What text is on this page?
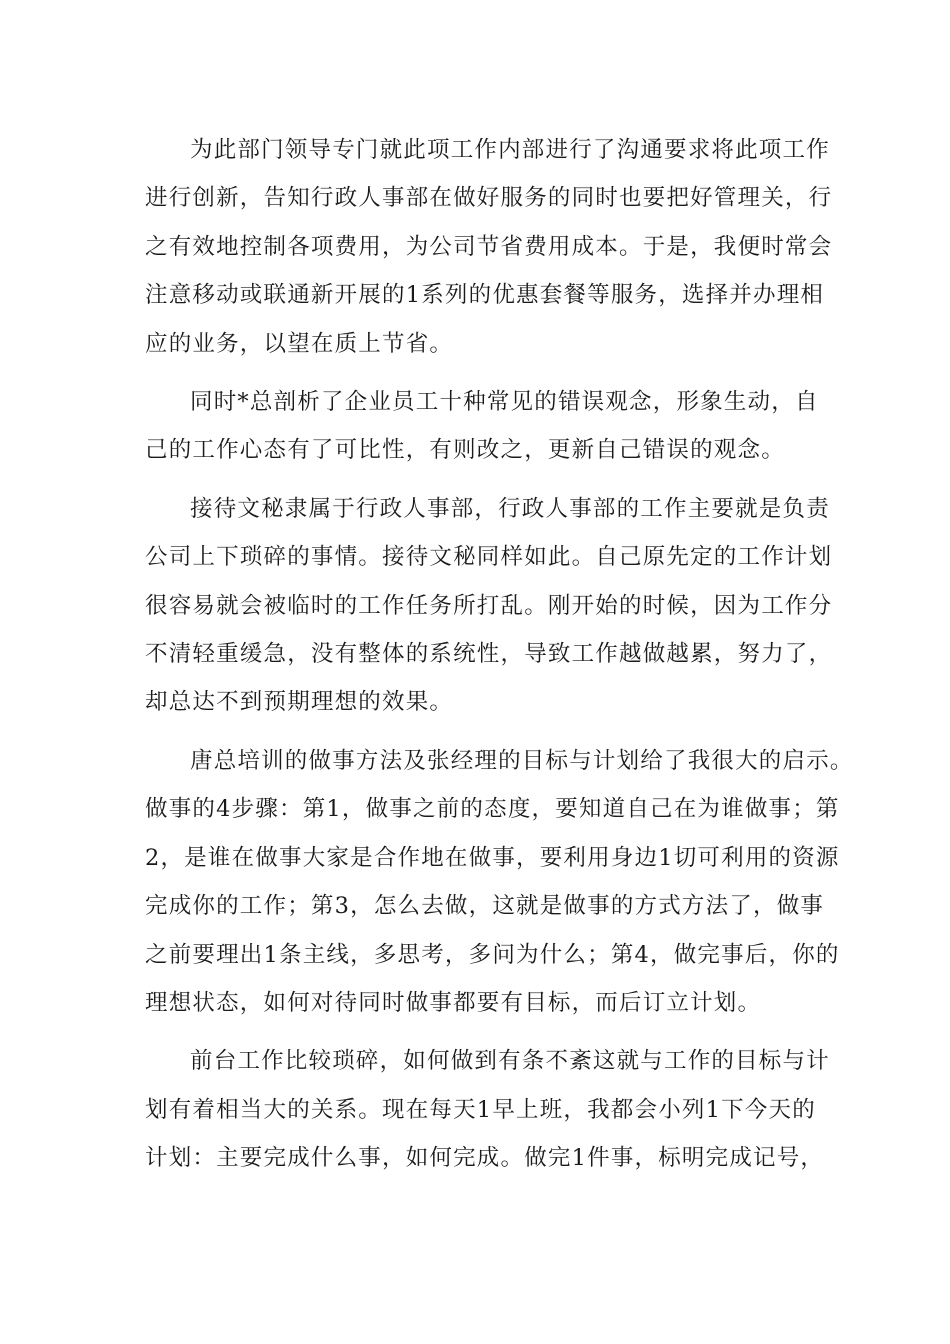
为此部门领导专门就此项工作内部进行了沟通要求将此项工作
进行创新，告知行政人事部在做好服务的同时也要把好管理关，行
之有效地控制各项费用，为公司节省费用成本。于是，我便时常会
注意移动或联通新开展的1系列的优惠套餐等服务，选择并办理相
应的业务，以望在质上节省。
同时*总剖析了企业员工十种常见的错误观念，形象生动，自
己的工作心态有了可比性，有则改之，更新自己错误的观念。
接待文秘隶属于行政人事部，行政人事部的工作主要就是负责
公司上下琐碎的事情。接待文秘同样如此。自己原先定的工作计划
很容易就会被临时的工作任务所打乱。刚开始的时候，因为工作分
不清轻重缓急，没有整体的系统性，导致工作越做越累，努力了，
却总达不到预期理想的效果。
唐总培训的做事方法及张经理的目标与计划给了我很大的启示。
做事的4步骤：第1，做事之前的态度，要知道自己在为谁做事；第
2，是谁在做事大家是合作地在做事，要利用身边1切可利用的资源
完成你的工作；第3，怎么去做，这就是做事的方式方法了，做事
之前要理出1条主线，多思考，多问为什么；第4，做完事后，你的
理想状态，如何对待同时做事都要有目标，而后订立计划。
前台工作比较琐碎，如何做到有条不紊这就与工作的目标与计
划有着相当大的关系。现在每天1早上班，我都会小列1下今天的
计划：主要完成什么事，如何完成。做完1件事，标明完成记号，
